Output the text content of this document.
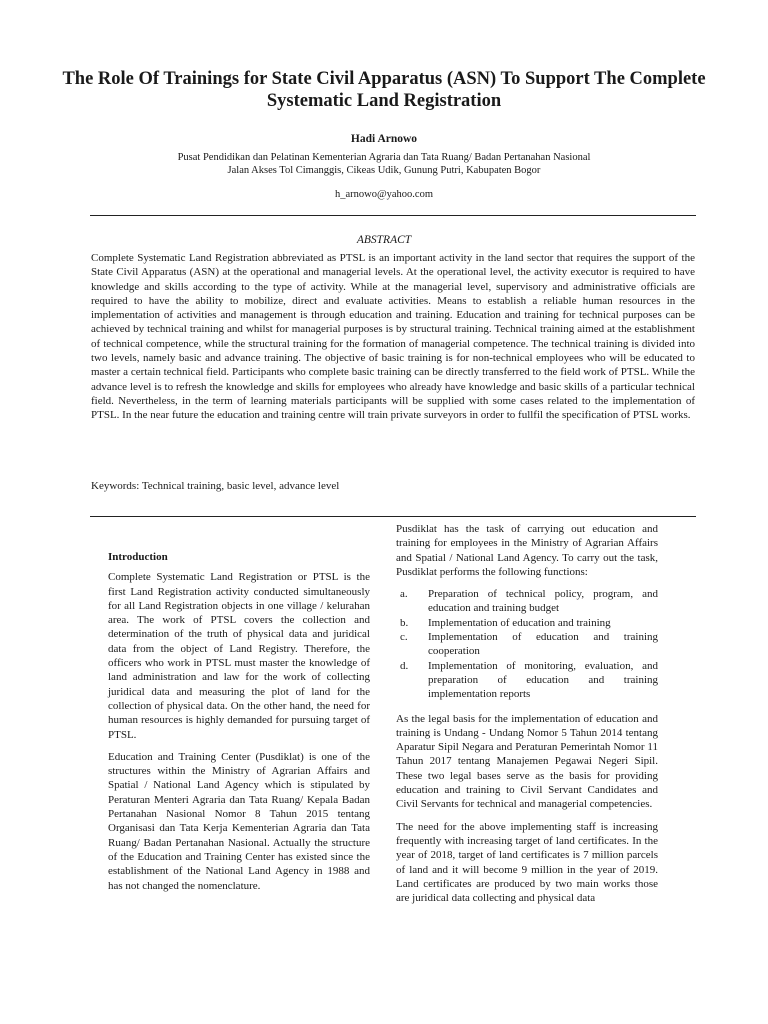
The Role Of Trainings for State Civil Apparatus (ASN) To Support The Complete Systematic Land Registration

Hadi Arnowo

Pusat Pendidikan dan Pelatinan Kementerian Agraria dan Tata Ruang/ Badan Pertanahan Nasional
Jalan Akses Tol Cimanggis, Cikeas Udik, Gunung Putri, Kabupaten Bogor

h_arnowo@yahoo.com

ABSTRACT

Complete Systematic Land Registration abbreviated as PTSL is an important activity in the land sector that requires the support of the State Civil Apparatus (ASN) at the operational and managerial levels. At the operational level, the activity executor is required to have knowledge and skills according to the type of activity. While at the managerial level, supervisory and administrative officials are required to have the ability to mobilize, direct and evaluate activities. Means to establish a reliable human resources in the implementation of activities and management is through education and training. Education and training for technical purposes can be achieved by technical training and whilst for managerial purposes is by structural training. Technical training aimed at the establishment of technical competence, while the structural training for the formation of managerial competence. The technical training is divided into two levels, namely basic and advance training. The objective of basic training is for non-technical employees who will be educated to master a certain technical field. Participants who complete basic training can be directly transferred to the field work of PTSL. While the advance level is to refresh the knowledge and skills for employees who already have knowledge and basic skills of a particular technical field. Nevertheless, in the term of learning materials participants will be supplied with some cases related to the implementation of PTSL. In the near future the education and training centre will train private surveyors in order to fullfil the specification of PTSL works.

Keywords: Technical training, basic level, advance level

Introduction

Complete Systematic Land Registration or PTSL is the first Land Registration activity conducted simultaneously for all Land Registration objects in one village / kelurahan area. The work of PTSL covers the collection and determination of the truth of physical data and juridical data from the object of Land Registry. Therefore, the officers who work in PTSL must master the knowledge of land administration and law for the work of collecting juridical data and measuring the plot of land for the collection of physical data. On the other hand, the need for human resources is highly demanded for pursuing target of PTSL.

Education and Training Center (Pusdiklat) is one of the structures within the Ministry of Agrarian Affairs and Spatial / National Land Agency which is stipulated by Peraturan Menteri Agraria dan Tata Ruang/ Kepala Badan Pertanahan Nasional Nomor 8 Tahun 2015 tentang Organisasi dan Tata Kerja Kementerian Agraria dan Tata Ruang/ Badan Pertanahan Nasional. Actually the structure of the Education and Training Center has existed since the establishment of the National Land Agency in 1988 and has not changed the nomenclature.

Pusdiklat has the task of carrying out education and training for employees in the Ministry of Agrarian Affairs and Spatial / National Land Agency. To carry out the task, Pusdiklat performs the following functions:

a.	Preparation of technical policy, program, and education and training budget
b.	Implementation of education and training
c.	Implementation of education and training cooperation
d.	Implementation of monitoring, evaluation, and preparation of education and training implementation reports

As the legal basis for the implementation of education and training is Undang - Undang Nomor 5 Tahun 2014 tentang Aparatur Sipil Negara and Peraturan Pemerintah Nomor 11 Tahun 2017 tentang Manajemen Pegawai Negeri Sipil. These two legal bases serve as the basis for providing education and training to Civil Servant Candidates and Civil Servants for technical and managerial competencies.

The need for the above implementing staff is increasing frequently with increasing target of land certificates. In the year of 2018, target of land certificates is 7 million parcels of land and it will become 9 million in the year of 2019. Land certificates are produced by two main works those are juridical data collecting and physical data
